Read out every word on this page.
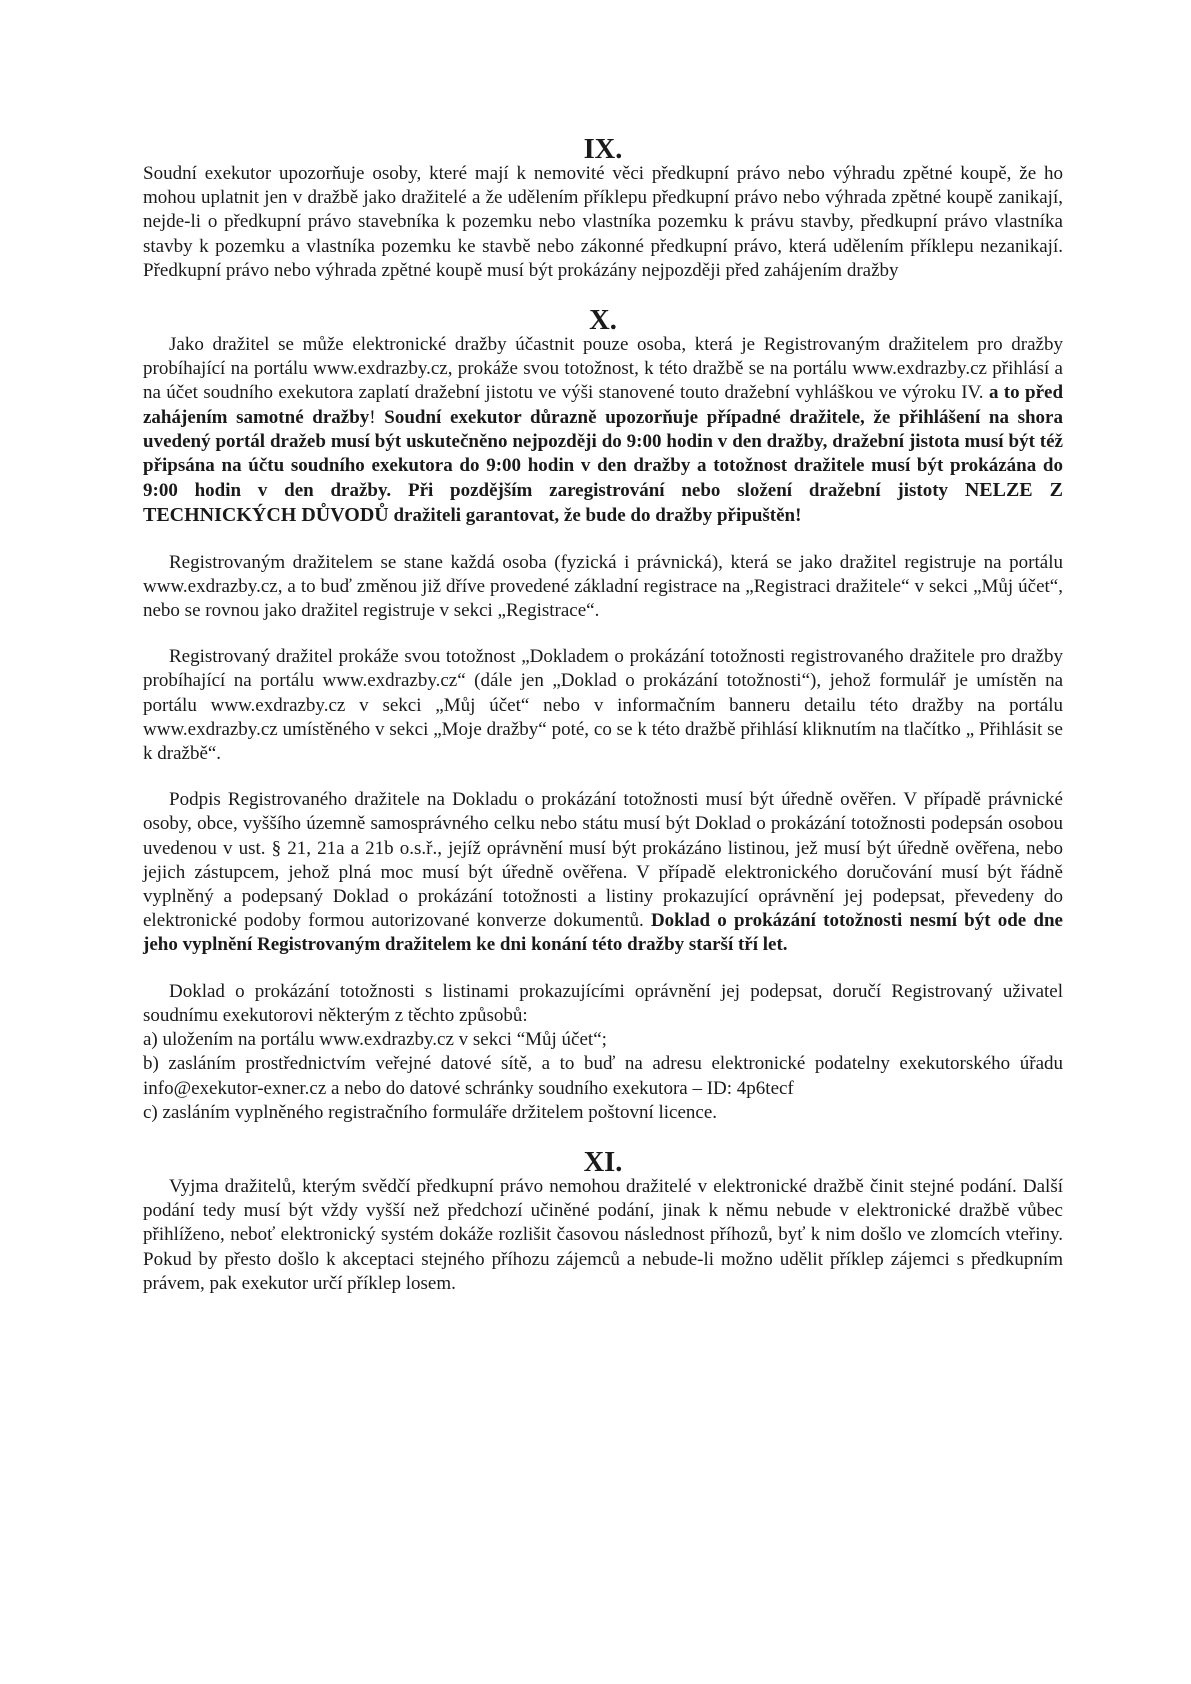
IX.

Soudní exekutor upozorňuje osoby, které mají k nemovité věci předkupní právo nebo výhradu zpětné koupě, že ho mohou uplatnit jen v dražbě jako dražitelé a že udělením příklepu předkupní právo nebo výhrada zpětné koupě zanikají, nejde-li o předkupní právo stavebníka k pozemku nebo vlastníka pozemku k právu stavby, předkupní právo vlastníka stavby k pozemku a vlastníka pozemku ke stavbě nebo zákonné předkupní právo, která udělením příklepu nezanikají. Předkupní právo nebo výhrada zpětné koupě musí být prokázány nejpozději před zahájením dražby

X.

Jako dražitel se může elektronické dražby účastnit pouze osoba, která je Registrovaným dražitelem pro dražby probíhající na portálu www.exdrazby.cz, prokáže svou totožnost, k této dražbě se na portálu www.exdrazby.cz přihlásí a na účet soudního exekutora zaplatí dražební jistotu ve výši stanovené touto dražební vyhláškou ve výroku IV. a to před zahájením samotné dražby! Soudní exekutor důrazně upozorňuje případné dražitele, že přihlášení na shora uvedený portál dražeb musí být uskutečněno nejpozději do 9:00 hodin v den dražby, dražební jistota musí být též připsána na účtu soudního exekutora do 9:00 hodin v den dražby a totožnost dražitele musí být prokázána do 9:00 hodin v den dražby. Při pozdějším zaregistrování nebo složení dražební jistoty NELZE Z TECHNICKÝCH DŮVODŮ dražiteli garantovat, že bude do dražby připuštěn!

Registrovaným dražitelem se stane každá osoba (fyzická i právnická), která se jako dražitel registruje na portálu www.exdrazby.cz, a to buď změnou již dříve provedené základní registrace na „Registraci dražitele“ v sekci „Můj účet“, nebo se rovnou jako dražitel registruje v sekci „Registrace“.

Registrovaný dražitel prokáže svou totožnost „Dokladem o prokázání totožnosti registrovaného dražitele pro dražby probíhající na portálu www.exdrazby.cz“ (dále jen „Doklad o prokázání totožnosti“), jehož formulář je umístěn na portálu www.exdrazby.cz v sekci „Můj účet“ nebo v informačním banneru detailu této dražby na portálu www.exdrazby.cz umístěného v sekci „Moje dražby“ poté, co se k této dražbě přihlásí kliknutím na tlačítko „ Přihlásit se k dražbě“.

Podpis Registrovaného dražitele na Dokladu o prokázání totožnosti musí být úředně ověřen. V případě právnické osoby, obce, vyššího územně samosprávného celku nebo státu musí být Doklad o prokázání totožnosti podepsán osobou uvedenou v ust. § 21, 21a a 21b o.s.ř., jejíž oprávnění musí být prokázáno listinou, jež musí být úředně ověřena, nebo jejich zástupcem, jehož plná moc musí být úředně ověřena. V případě elektronického doručování musí být řádně vyplněný a podepsaný Doklad o prokázání totožnosti a listiny prokazující oprávnění jej podepsat, převedeny do elektronické podoby formou autorizované konverze dokumentů. Doklad o prokázání totožnosti nesmí být ode dne jeho vyplnění Registrovaným dražitelem ke dni konání této dražby starší tří let.

Doklad o prokázání totožnosti s listinami prokazujícími oprávnění jej podepsat, doručí Registrovaný uživatel soudnímu exekutorovi některým z těchto způsobů:

a) uložením na portálu www.exdrazby.cz v sekci “Můj účet“;

b) zasláním prostřednictvím veřejné datové sítě, a to buď na adresu elektronické podatelny exekutorského úřadu info@exekutor-exner.cz a nebo do datové schránky soudního exekutora – ID: 4p6tecf

c) zasláním vyplněného registračního formuláře držitelem poštovní licence.

XI.

Vyjma dražitelů, kterým svědčí předkupní právo nemohou dražitelé v elektronické dražbě činit stejné podání. Další podání tedy musí být vždy vyšší než předchozí učiněné podání, jinak k němu nebude v elektronické dražbě vůbec přihlíženo, neboť elektronický systém dokáže rozlišit časovou následnost příhozů, byť k nim došlo ve zlomcích vteřiny. Pokud by přesto došlo k akceptaci stejného příhozu zájemců a nebude-li možno udělit příklep zájemci s předkupním právem, pak exekutor určí příklep losem.
